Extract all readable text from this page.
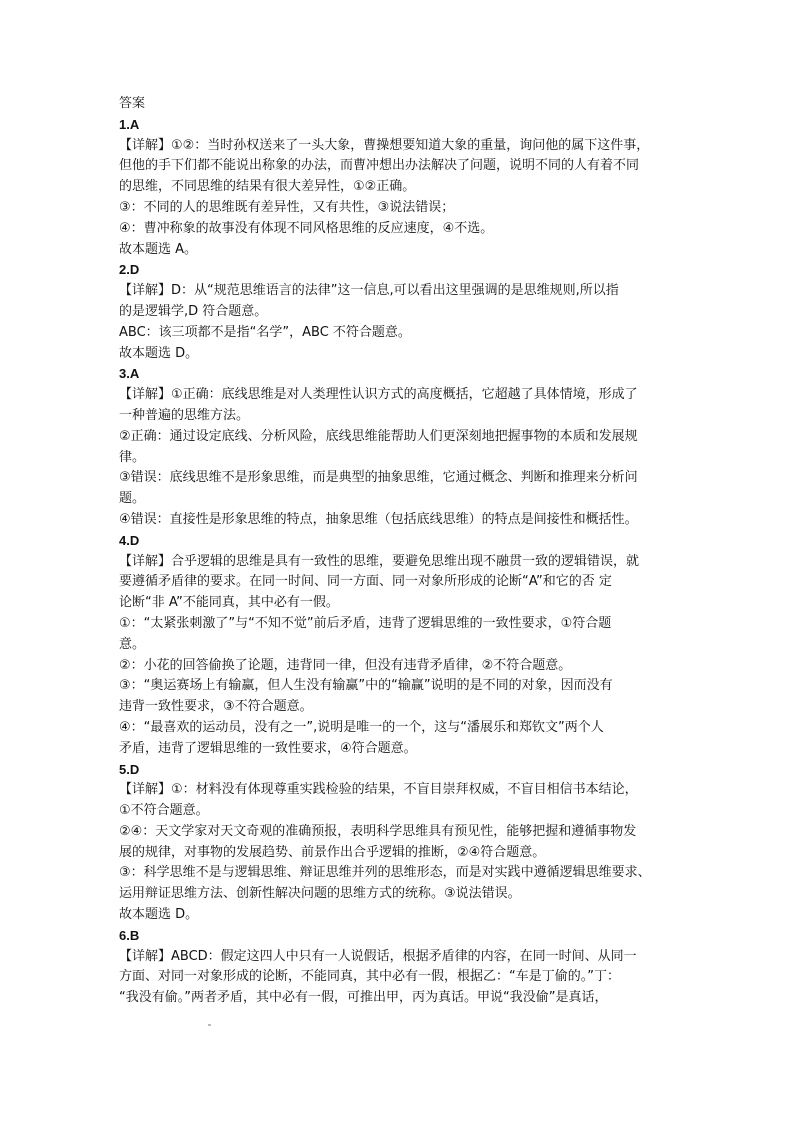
答案
1.A
【详解】①②：当时孙权送来了一头大象，曹操想要知道大象的重量，询问他的属下这件事，
但他的手下们都不能说出称象的办法，而曹冲想出办法解决了问题，说明不同的人有着不同
的思维，不同思维的结果有很大差异性，①②正确。
③：不同的人的思维既有差异性，又有共性，③说法错误；
④：曹冲称象的故事没有体现不同风格思维的反应速度，④不选。
故本题选 A。
2.D
【详解】D：从“规范思维语言的法律”这一信息,可以看出这里强调的是思维规则,所以指
的是逻辑学,D 符合题意。
ABC：该三项都不是指“名学”，ABC 不符合题意。
故本题选 D。
3.A
【详解】①正确：底线思维是对人类理性认识方式的高度概括，它超越了具体情境，形成了
一种普遍的思维方法。
②正确：通过设定底线、分析风险，底线思维能帮助人们更深刻地把握事物的本质和发展规
律。
③错误：底线思维不是形象思维，而是典型的抽象思维，它通过概念、判断和推理来分析问
题。
④错误：直接性是形象思维的特点，抽象思维（包括底线思维）的特点是间接性和概括性。
4.D
【详解】合乎逻辑的思维是具有一致性的思维，要避免思维出现不融贯一致的逻辑错误，就
要遵循矛盾律的要求。在同一时间、同一方面、同一对象所形成的论断“A”和它的否 定
论断“非 A”不能同真，其中必有一假。
①：“太紧张刺激了”与“不知不觉”前后矛盾，违背了逻辑思维的一致性要求，①符合题
意。
②：小花的回答偷换了论题，违背同一律，但没有违背矛盾律，②不符合题意。
③：“奥运赛场上有输赢，但人生没有输赢”中的“输赢”说明的是不同的对象，因而没有
违背一致性要求，③不符合题意。
④：“最喜欢的运动员，没有之一”,说明是唯一的一个，这与“潘展乐和郑钦文”两个人
矛盾，违背了逻辑思维的一致性要求，④符合题意。
5.D
【详解】①：材料没有体现尊重实践检验的结果，不盲目崇拜权威，不盲目相信书本结论，
①不符合题意。
②④：天文学家对天文奇观的准确预报，表明科学思维具有预见性，能够把握和遵循事物发
展的规律，对事物的发展趋势、前景作出合乎逻辑的推断，②④符合题意。
③：科学思维不是与逻辑思维、辩证思维并列的思维形态，而是对实践中遵循逻辑思维要求、
运用辩证思维方法、创新性解决问题的思维方式的统称。③说法错误。
故本题选 D。
6.B
【详解】ABCD：假定这四人中只有一人说假话，根据矛盾律的内容，在同一时间、从同一
方面、对同一对象形成的论断，不能同真，其中必有一假，根据乙：“车是丁偷的。”丁：
“我没有偷。”两者矛盾，其中必有一假，可推出甲，丙为真话。甲说“我没偷”是真话，
